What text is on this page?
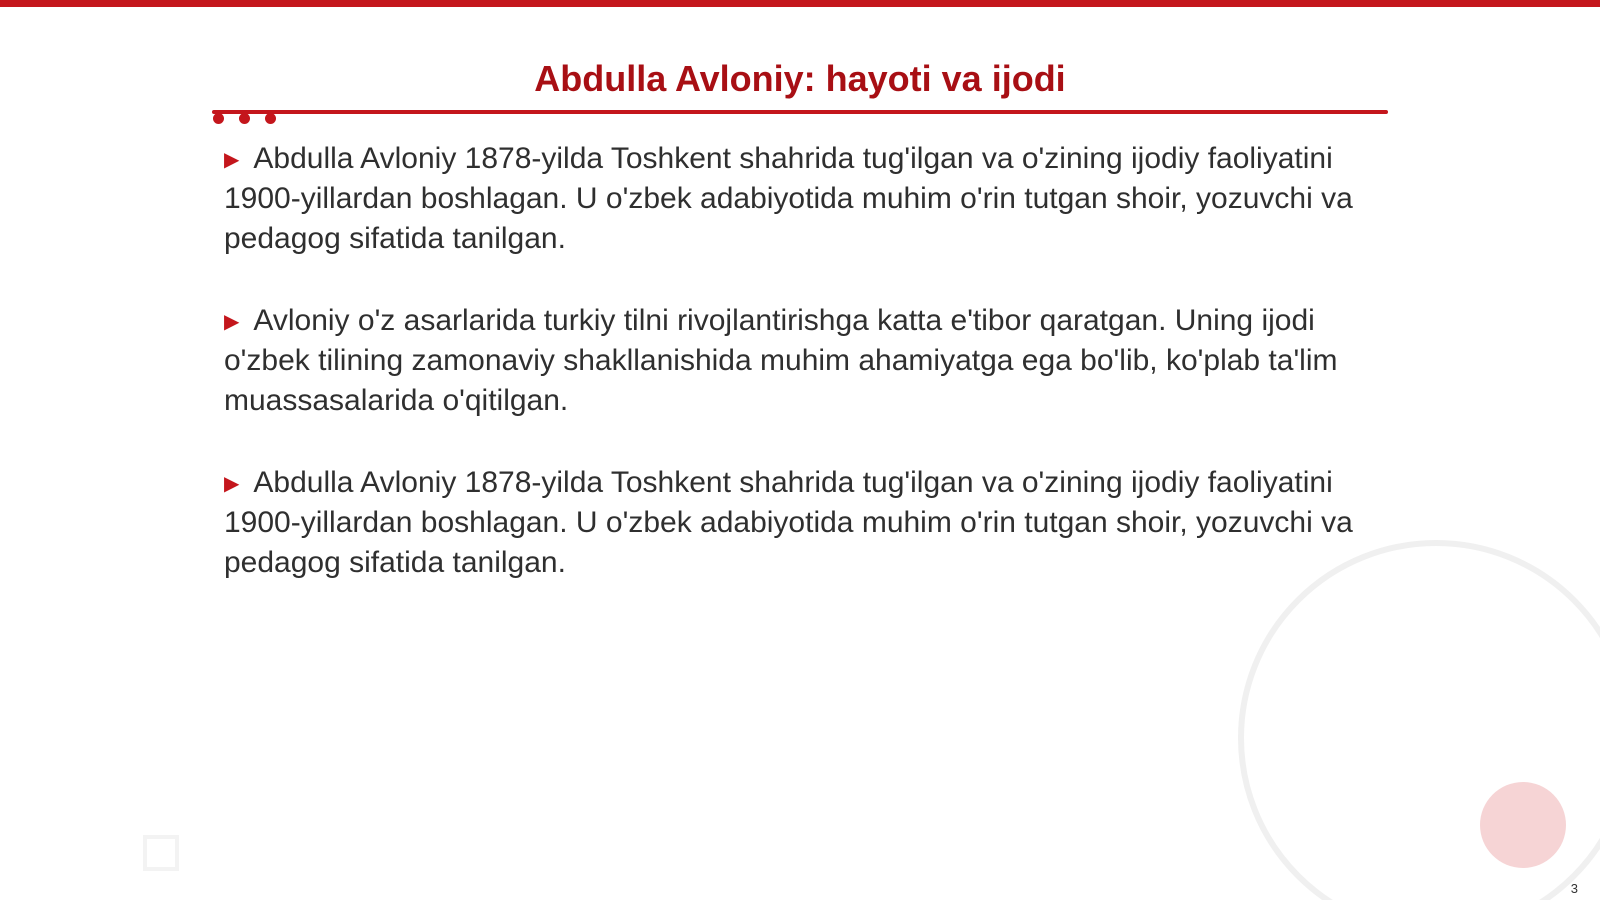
Abdulla Avloniy: hayoti va ijodi
▶ Abdulla Avloniy 1878-yilda Toshkent shahrida tug'ilgan va o'zining ijodiy faoliyatini 1900-yillardan boshlagan. U o'zbek adabiyotida muhim o'rin tutgan shoir, yozuvchi va pedagog sifatida tanilgan.
▶ Avloniy o'z asarlarida turkiy tilni rivojlantirishga katta e'tibor qaratgan. Uning ijodi o'zbek tilining zamonaviy shakllanishida muhim ahamiyatga ega bo'lib, ko'plab ta'lim muassasalarida o'qitilgan.
▶ Abdulla Avloniy 1878-yilda Toshkent shahrida tug'ilgan va o'zining ijodiy faoliyatini 1900-yillardan boshlagan. U o'zbek adabiyotida muhim o'rin tutgan shoir, yozuvchi va pedagog sifatida tanilgan.
3
